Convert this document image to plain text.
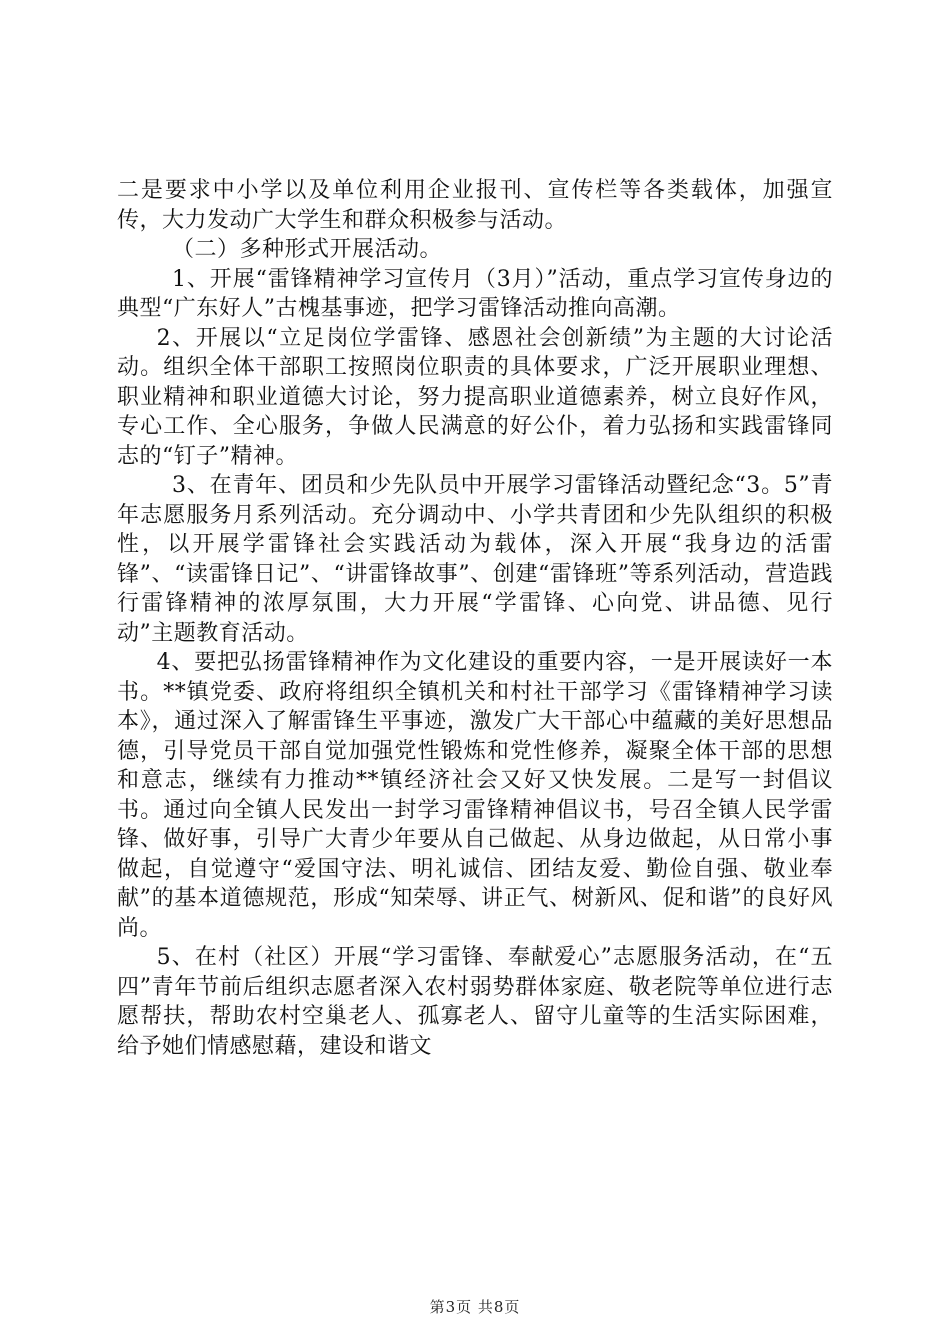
二是要求中小学以及单位利用企业报刊、宣传栏等各类载体，加强宣传，大力发动广大学生和群众积极参与活动。

（二）多种形式开展活动。

1、开展“雷锋精神学习宣传月（3月）”活动，重点学习宣传身边的典型“广东好人”古槐基事迹，把学习雷锋活动推向高潮。

2、开展以“立足岗位学雷锋、感恩社会创新绩”为主题的大讨论活动。组织全体干部职工按照岗位职责的具体要求，广泛开展职业理想、职业精神和职业道德大讨论，努力提高职业道德素养，树立良好作风，专心工作、全心服务，争做人民满意的好公仆，着力弘扬和实践雷锋同志的“钉子”精神。

3、在青年、团员和少先队员中开展学习雷锋活动暨纪念“3。5”青年志愿服务月系列活动。充分调动中、小学共青团和少先队组织的积极性，以开展学雷锋社会实践活动为载体，深入开展“我身边的活雷锋”、“读雷锋日记”、“讲雷锋故事”、创建“雷锋班”等系列活动，营造践行雷锋精神的浓厚氛围，大力开展“学雷锋、心向党、讲品德、见行动”主题教育活动。

4、要把弘扬雷锋精神作为文化建设的重要内容，一是开展读好一本书。**镇党委、政府将组织全镇机关和村社干部学习《雷锋精神学习读本》，通过深入了解雷锋生平事迹，激发广大干部心中蕴藏的美好思想品德，引导党员干部自觉加强党性锻炼和党性修养，凝聚全体干部的思想和意志，继续有力推动**镇经济社会又好又快发展。二是写一封倡议书。通过向全镇人民发出一封学习雷锋精神倡议书，号召全镇人民学雷锋、做好事，引导广大青少年要从自己做起、从身边做起，从日常小事做起，自觉遵守“爱国守法、明礼诚信、团结友爱、勤俭自强、敬业奉献”的基本道德规范，形成“知荣辱、讲正气、树新风、促和谐”的良好风尚。

5、在村（社区）开展“学习雷锋、奉献爱心”志愿服务活动，在“五四”青年节前后组织志愿者深入农村弱势群体家庭、敬老院等单位进行志愿帮扶，帮助农村空巢老人、孤寡老人、留守儿童等的生活实际困难，给予她们情感慰藉，建设和谐文

第3页 共8页
